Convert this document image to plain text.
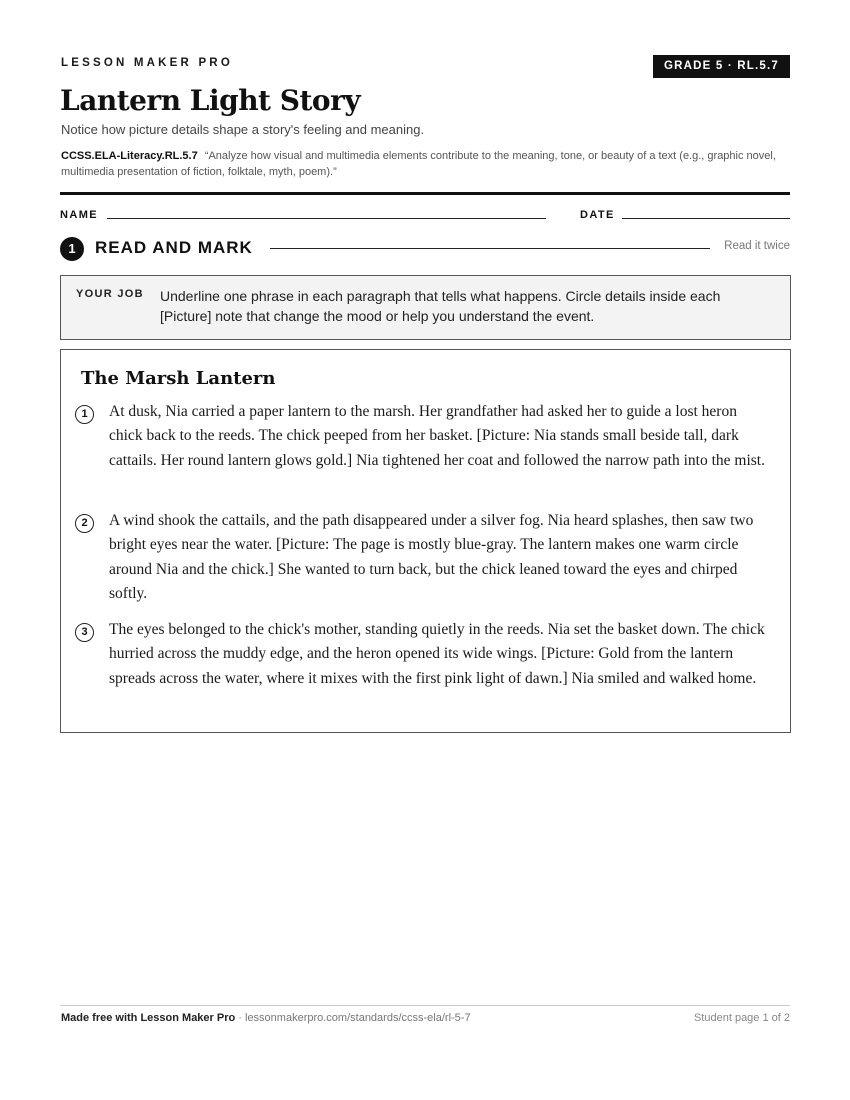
LESSON MAKER PRO	GRADE 5 · RL.5.7
Lantern Light Story
Notice how picture details shape a story's feeling and meaning.
CCSS.ELA-Literacy.RL.5.7 “Analyze how visual and multimedia elements contribute to the meaning, tone, or beauty of a text (e.g., graphic novel, multimedia presentation of fiction, folktale, myth, poem).”
NAME	DATE
1	READ AND MARK	Read it twice
YOUR JOB Underline one phrase in each paragraph that tells what happens. Circle details inside each [Picture] note that change the mood or help you understand the event.
The Marsh Lantern
1	At dusk, Nia carried a paper lantern to the marsh. Her grandfather had asked her to guide a lost heron chick back to the reeds. The chick peeped from her basket. [Picture: Nia stands small beside tall, dark cattails. Her round lantern glows gold.] Nia tightened her coat and followed the narrow path into the mist.

2	A wind shook the cattails, and the path disappeared under a silver fog. Nia heard splashes, then saw two bright eyes near the water. [Picture: The page is mostly blue-gray. The lantern makes one warm circle around Nia and the chick.] She wanted to turn back, but the chick leaned toward the eyes and chirped softly.

3	The eyes belonged to the chick's mother, standing quietly in the reeds. Nia set the basket down. The chick hurried across the muddy edge, and the heron opened its wide wings. [Picture: Gold from the lantern spreads across the water, where it mixes with the first pink light of dawn.] Nia smiled and walked home.

Made free with Lesson Maker Pro · lessonmakerpro.com/standards/ccss-ela/rl-5-7	Student page 1 of 2
